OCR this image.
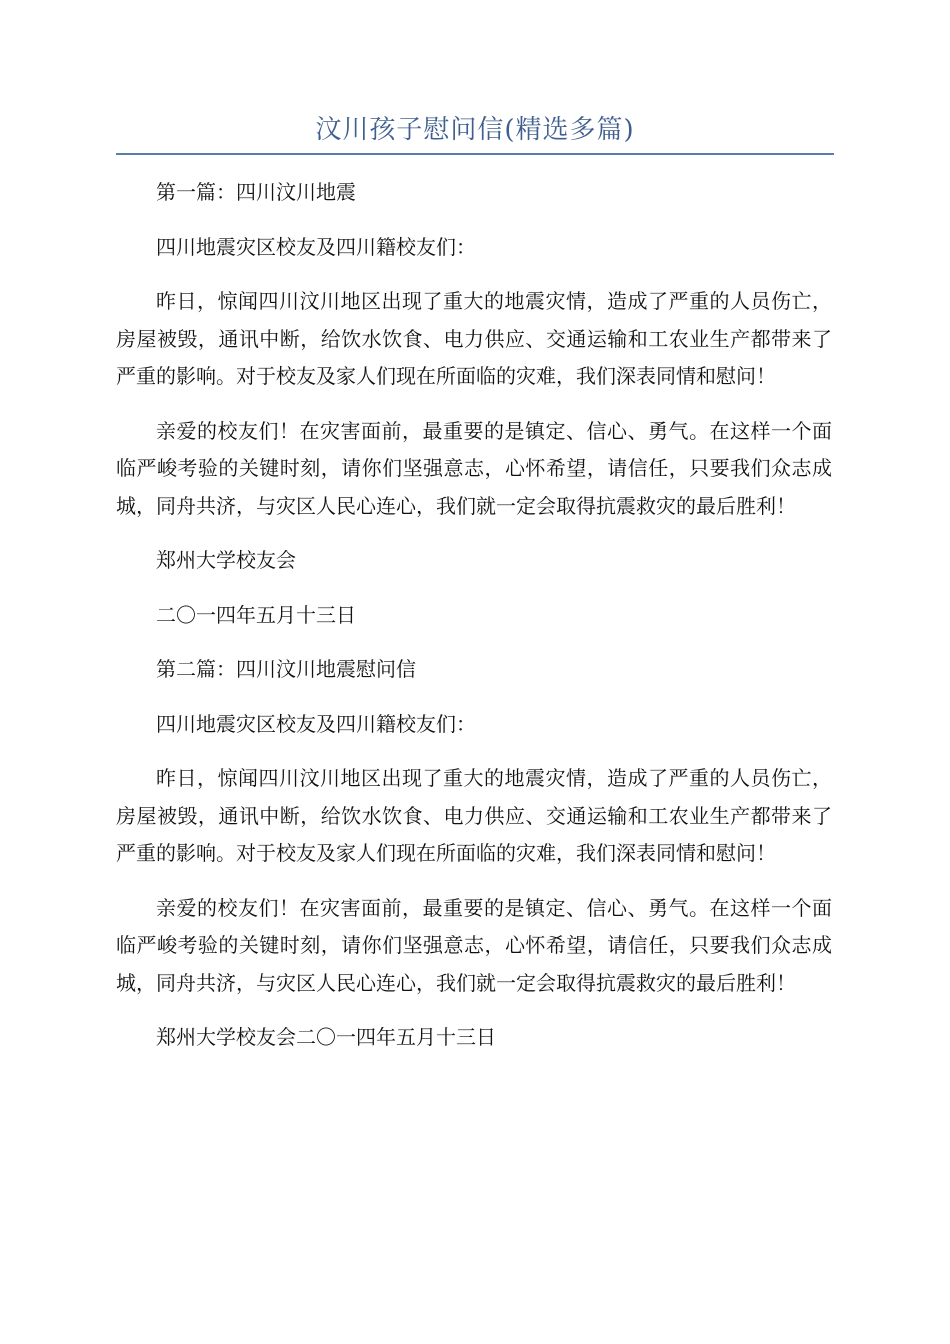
汶川孩子慰问信(精选多篇)

第一篇：四川汶川地震

四川地震灾区校友及四川籍校友们：

昨日，惊闻四川汶川地区出现了重大的地震灾情，造成了严重的人员伤亡，房屋被毁，通讯中断，给饮水饮食、电力供应、交通运输和工农业生产都带来了严重的影响。对于校友及家人们现在所面临的灾难，我们深表同情和慰问！

亲爱的校友们！在灾害面前，最重要的是镇定、信心、勇气。在这样一个面临严峻考验的关键时刻，请你们坚强意志，心怀希望，请信任，只要我们众志成城，同舟共济，与灾区人民心连心，我们就一定会取得抗震救灾的最后胜利！

郑州大学校友会

二〇一四年五月十三日

第二篇：四川汶川地震慰问信

四川地震灾区校友及四川籍校友们：

昨日，惊闻四川汶川地区出现了重大的地震灾情，造成了严重的人员伤亡，房屋被毁，通讯中断，给饮水饮食、电力供应、交通运输和工农业生产都带来了严重的影响。对于校友及家人们现在所面临的灾难，我们深表同情和慰问！

亲爱的校友们！在灾害面前，最重要的是镇定、信心、勇气。在这样一个面临严峻考验的关键时刻，请你们坚强意志，心怀希望，请信任，只要我们众志成城，同舟共济，与灾区人民心连心，我们就一定会取得抗震救灾的最后胜利！

郑州大学校友会二〇一四年五月十三日
